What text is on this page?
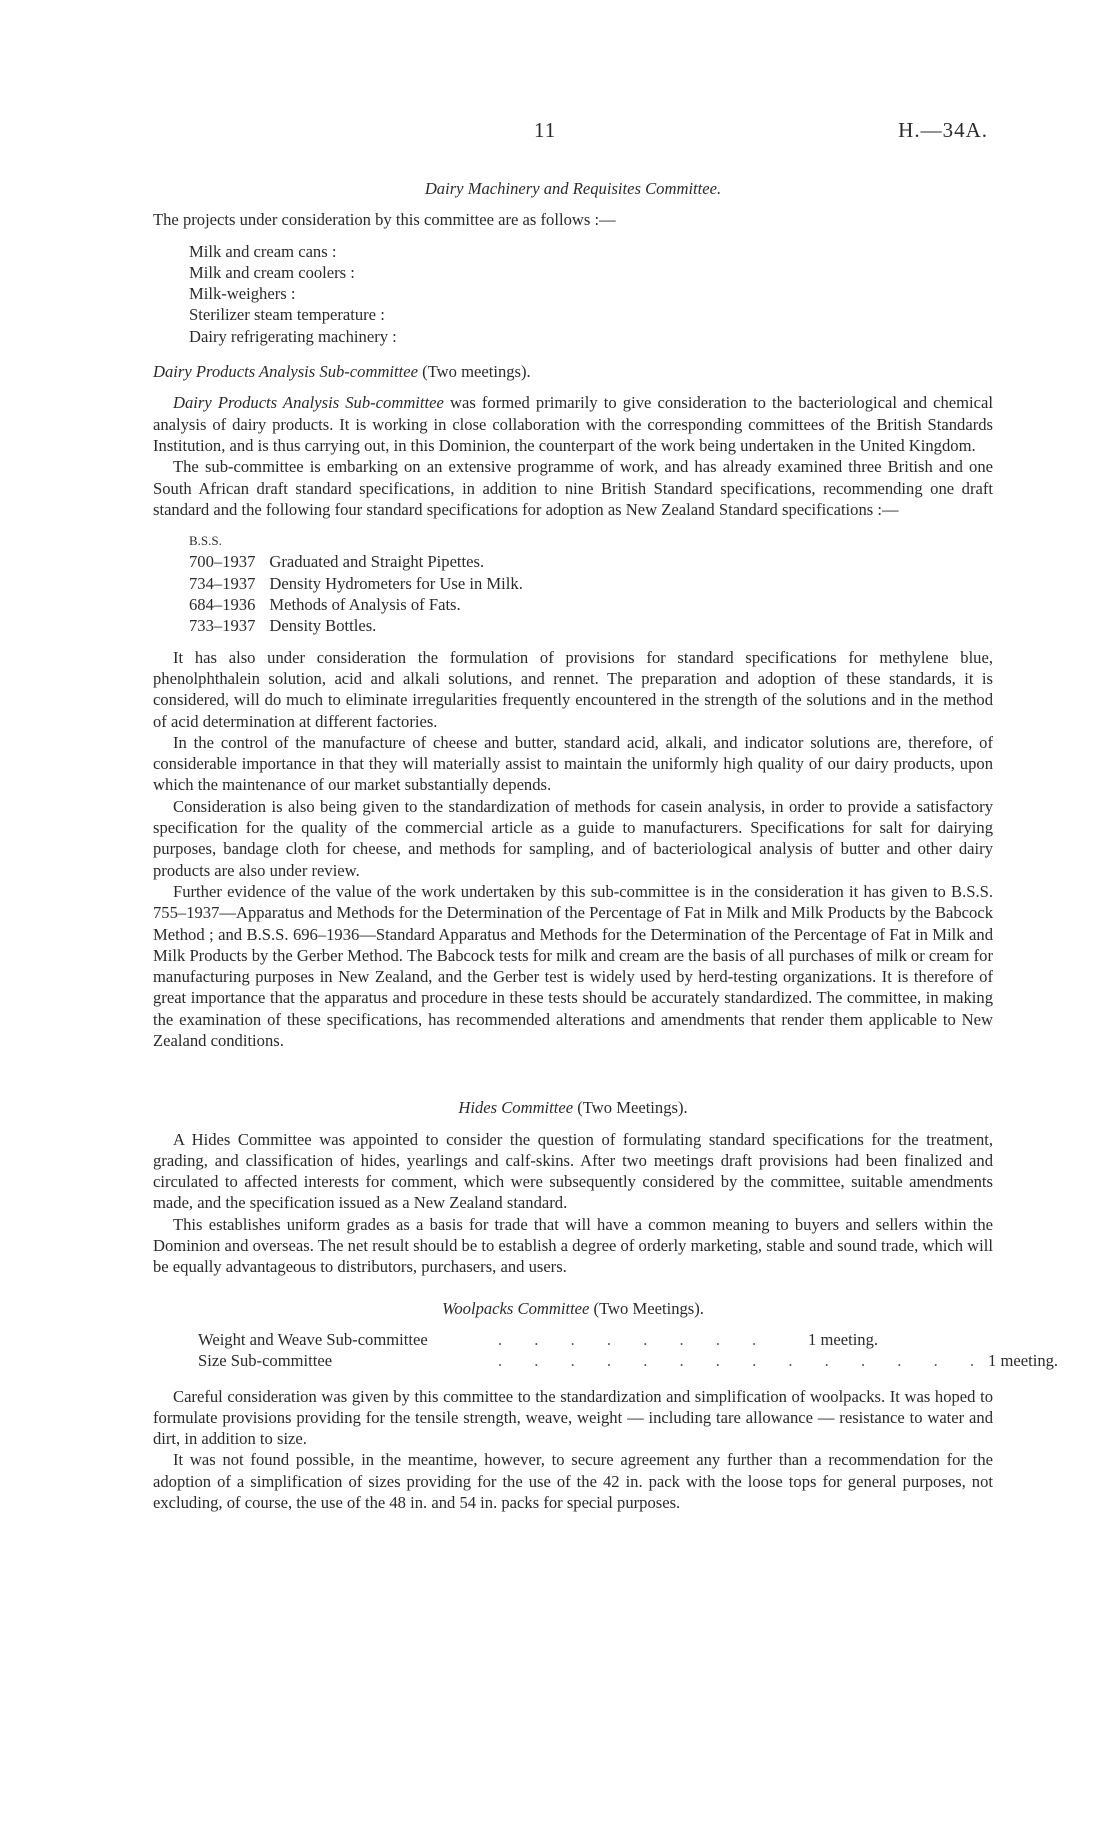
11	H.—34A.
Dairy Machinery and Requisites Committee.

The projects under consideration by this committee are as follows :—

Milk and cream cans :
Milk and cream coolers :
Milk-weighers :
Sterilizer steam temperature :
Dairy refrigerating machinery :
Dairy Products Analysis Sub-committee (Two meetings).

Dairy Products Analysis Sub-committee was formed primarily to give consideration to the bacteriological and chemical analysis of dairy products. It is working in close collaboration with the corresponding committees of the British Standards Institution, and is thus carrying out, in this Dominion, the counterpart of the work being undertaken in the United Kingdom.

The sub-committee is embarking on an extensive programme of work, and has already examined three British and one South African draft standard specifications, in addition to nine British Standard specifications, recommending one draft standard and the following four standard specifications for adoption as New Zealand Standard specifications :—

B.S.S.	
700–1937	Graduated and Straight Pipettes.
734–1937	Density Hydrometers for Use in Milk.
684–1936	Methods of Analysis of Fats.
733–1937	Density Bottles.

It has also under consideration the formulation of provisions for standard specifications for methylene blue, phenolphthalein solution, acid and alkali solutions, and rennet. The preparation and adoption of these standards, it is considered, will do much to eliminate irregularities frequently encountered in the strength of the solutions and in the method of acid determination at different factories.

In the control of the manufacture of cheese and butter, standard acid, alkali, and indicator solutions are, therefore, of considerable importance in that they will materially assist to maintain the uniformly high quality of our dairy products, upon which the maintenance of our market substantially depends.

Consideration is also being given to the standardization of methods for casein analysis, in order to provide a satisfactory specification for the quality of the commercial article as a guide to manufacturers. Specifications for salt for dairying purposes, bandage cloth for cheese, and methods for sampling, and of bacteriological analysis of butter and other dairy products are also under review.

Further evidence of the value of the work undertaken by this sub-committee is in the consideration it has given to B.S.S. 755–1937—Apparatus and Methods for the Determination of the Percentage of Fat in Milk and Milk Products by the Babcock Method ; and B.S.S. 696–1936—Standard Apparatus and Methods for the Determination of the Percentage of Fat in Milk and Milk Products by the Gerber Method. The Babcock tests for milk and cream are the basis of all purchases of milk or cream for manufacturing purposes in New Zealand, and the Gerber test is widely used by herd-testing organizations. It is therefore of great importance that the apparatus and procedure in these tests should be accurately standardized. The committee, in making the examination of these specifications, has recommended alterations and amendments that render them applicable to New Zealand conditions.

Hides Committee (Two Meetings).

A Hides Committee was appointed to consider the question of formulating standard specifications for the treatment, grading, and classification of hides, yearlings and calf-skins. After two meetings draft provisions had been finalized and circulated to affected interests for comment, which were subsequently considered by the committee, suitable amendments made, and the specification issued as a New Zealand standard.

This establishes uniform grades as a basis for trade that will have a common meaning to buyers and sellers within the Dominion and overseas. The net result should be to establish a degree of orderly marketing, stable and sound trade, which will be equally advantageous to distributors, purchasers, and users.

Woolpacks Committee (Two Meetings).
Weight and Weave Sub-committee	. . . . . . . .	1 meeting.
Size Sub-committee	. . . . . . . . . . . . . . 1 meeting.

Careful consideration was given by this committee to the standardization and simplification of woolpacks. It was hoped to formulate provisions providing for the tensile strength, weave, weight — including tare allowance — resistance to water and dirt, in addition to size.

It was not found possible, in the meantime, however, to secure agreement any further than a recommendation for the adoption of a simplification of sizes providing for the use of the 42 in. pack with the loose tops for general purposes, not excluding, of course, the use of the 48 in. and 54 in. packs for special purposes.
